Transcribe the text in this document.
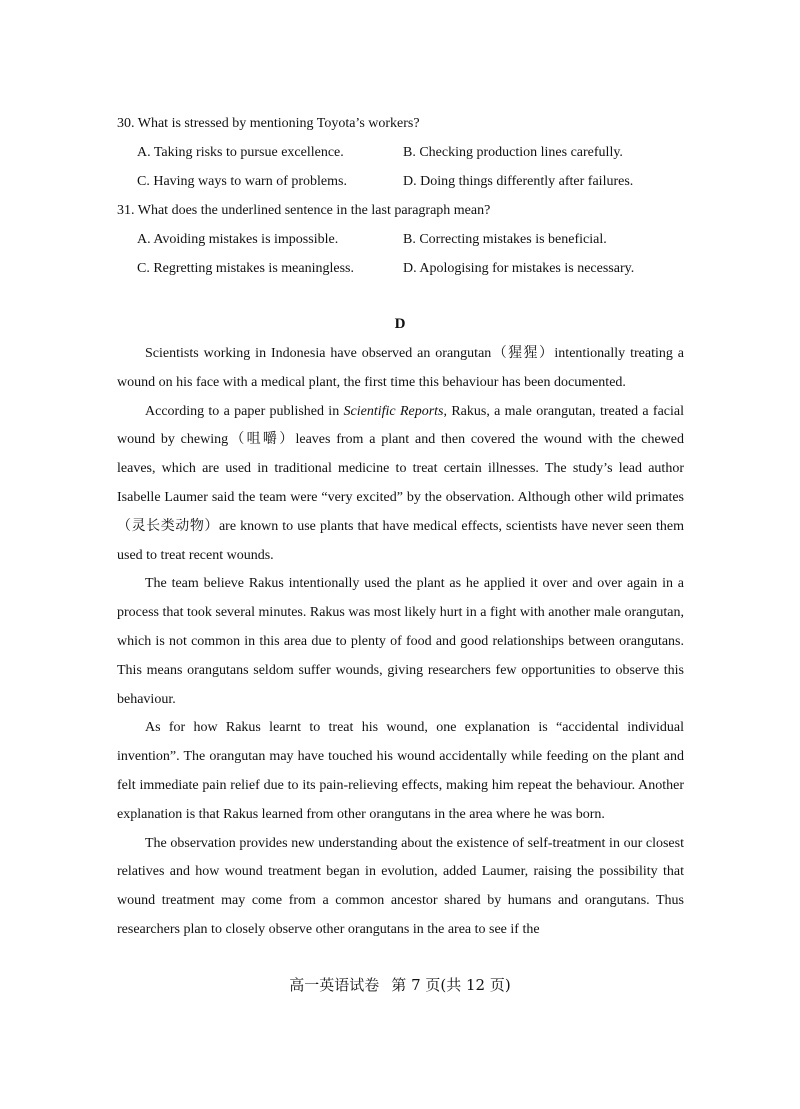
30. What is stressed by mentioning Toyota’s workers?
A. Taking risks to pursue excellence.	B. Checking production lines carefully.
C. Having ways to warn of problems.	D. Doing things differently after failures.
31. What does the underlined sentence in the last paragraph mean?
A. Avoiding mistakes is impossible.	B. Correcting mistakes is beneficial.
C. Regretting mistakes is meaningless.	D. Apologising for mistakes is necessary.
D

Scientists working in Indonesia have observed an orangutan（猩猩）intentionally treating a wound on his face with a medical plant, the first time this behaviour has been documented.

According to a paper published in Scientific Reports, Rakus, a male orangutan, treated a facial wound by chewing（咀嚼）leaves from a plant and then covered the wound with the chewed leaves, which are used in traditional medicine to treat certain illnesses. The study’s lead author Isabelle Laumer said the team were “very excited” by the observation. Although other wild primates（灵长类动物）are known to use plants that have medical effects, scientists have never seen them used to treat recent wounds.

The team believe Rakus intentionally used the plant as he applied it over and over again in a process that took several minutes. Rakus was most likely hurt in a fight with another male orangutan, which is not common in this area due to plenty of food and good relationships between orangutans. This means orangutans seldom suffer wounds, giving researchers few opportunities to observe this behaviour.

As for how Rakus learnt to treat his wound, one explanation is “accidental individual invention”. The orangutan may have touched his wound accidentally while feeding on the plant and felt immediate pain relief due to its pain-relieving effects, making him repeat the behaviour. Another explanation is that Rakus learned from other orangutans in the area where he was born.

The observation provides new understanding about the existence of self-treatment in our closest relatives and how wound treatment began in evolution, added Laumer, raising the possibility that wound treatment may come from a common ancestor shared by humans and orangutans. Thus researchers plan to closely observe other orangutans in the area to see if the

高一英语试卷 第 7 页(共 12 页)
